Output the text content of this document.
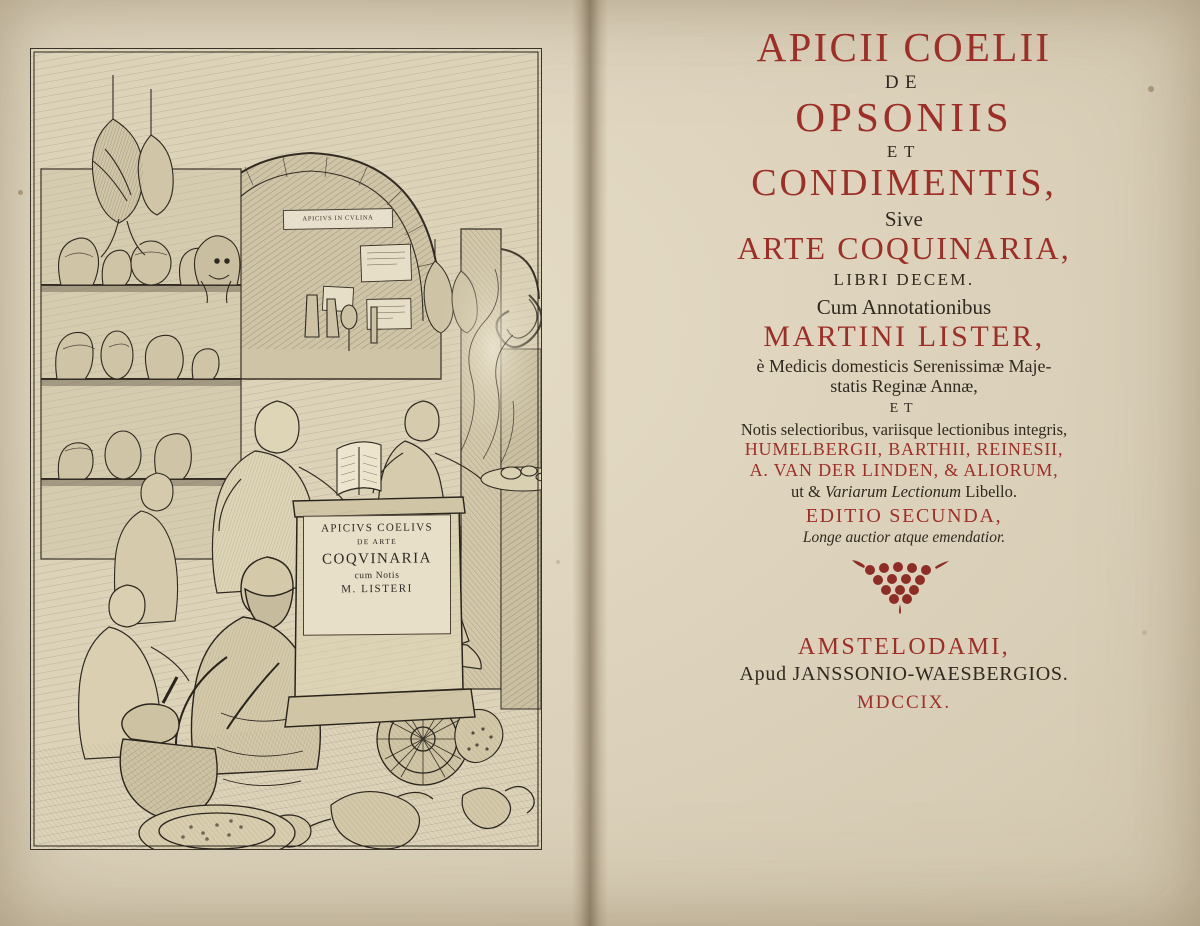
APICIVS IN CVLINA
APICIVS COELIVS
DE ARTE
COQVINARIA
cum Notis
M. LISTERI

APICII COELII

DE

OPSONIIS

ET

CONDIMENTIS,

Sive

ARTE COQUINARIA,

LIBRI DECEM.

Cum Annotationibus

MARTINI LISTER,

è Medicis domesticis Serenissimæ Maje-

statis Reginæ Annæ,

ET

Notis selectioribus, variisque lectionibus integris,

HUMELBERGII, BARTHII, REINESII,

A. VAN DER LINDEN, & ALIORUM,

ut & Variarum Lectionum Libello.

EDITIO SECUNDA,

Longe auctior atque emendatior.

AMSTELODAMI,

Apud JANSSONIO-WAESBERGIOS.

MDCCIX.
